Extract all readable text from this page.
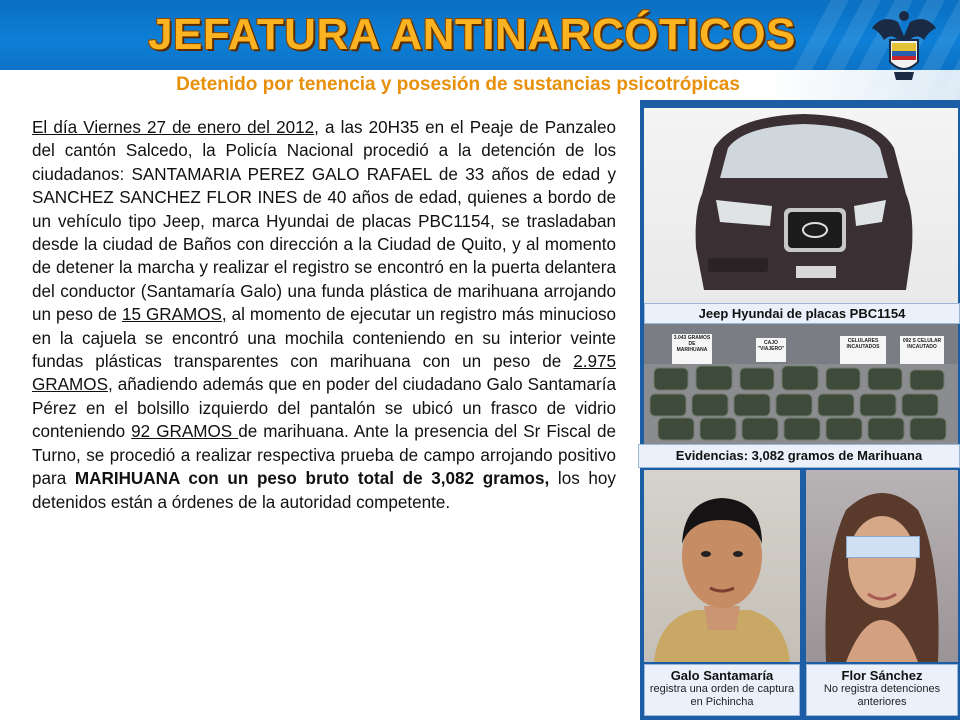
JEFATURA ANTINARCÓTICOS
Detenido por tenencia y posesión de sustancias psicotrópicas
El día Viernes 27 de enero del 2012, a las 20H35 en el Peaje de Panzaleo del cantón Salcedo, la Policía Nacional procedió a la detención de los ciudadanos: SANTAMARIA PEREZ GALO RAFAEL de 33 años de edad y SANCHEZ SANCHEZ FLOR INES de 40 años de edad, quienes a bordo de un vehículo tipo Jeep, marca Hyundai de placas PBC1154, se trasladaban desde la ciudad de Baños con dirección a la Ciudad de Quito, y al momento de detener la marcha y realizar el registro se encontró en la puerta delantera del conductor (Santamaría Galo) una funda plástica de marihuana arrojando un peso de 15 GRAMOS, al momento de ejecutar un registro más minucioso en la cajuela se encontró una mochila conteniendo en su interior veinte fundas plásticas transparentes con marihuana con un peso de 2.975 GRAMOS, añadiendo además que en poder del ciudadano Galo Santamaría Pérez en el bolsillo izquierdo del pantalón se ubicó un frasco de vidrio conteniendo 92 GRAMOS de marihuana. Ante la presencia del Sr Fiscal de Turno, se procedió a realizar respectiva prueba de campo arrojando positivo para MARIHUANA con un peso bruto total de 3,082 gramos, los hoy detenidos están a órdenes de la autoridad competente.
Jeep Hyundai de placas PBC1154
3.043 GRAMOS DE MARIHUANA
CAJO "VIAJERO"
CELULARES INCAUTADOS
092 S CELULAR INCAUTADO
Evidencias: 3,082 gramos de Marihuana
Galo Santamaría
registra una orden de captura en Pichincha
Flor Sánchez
No registra detenciones anteriores
